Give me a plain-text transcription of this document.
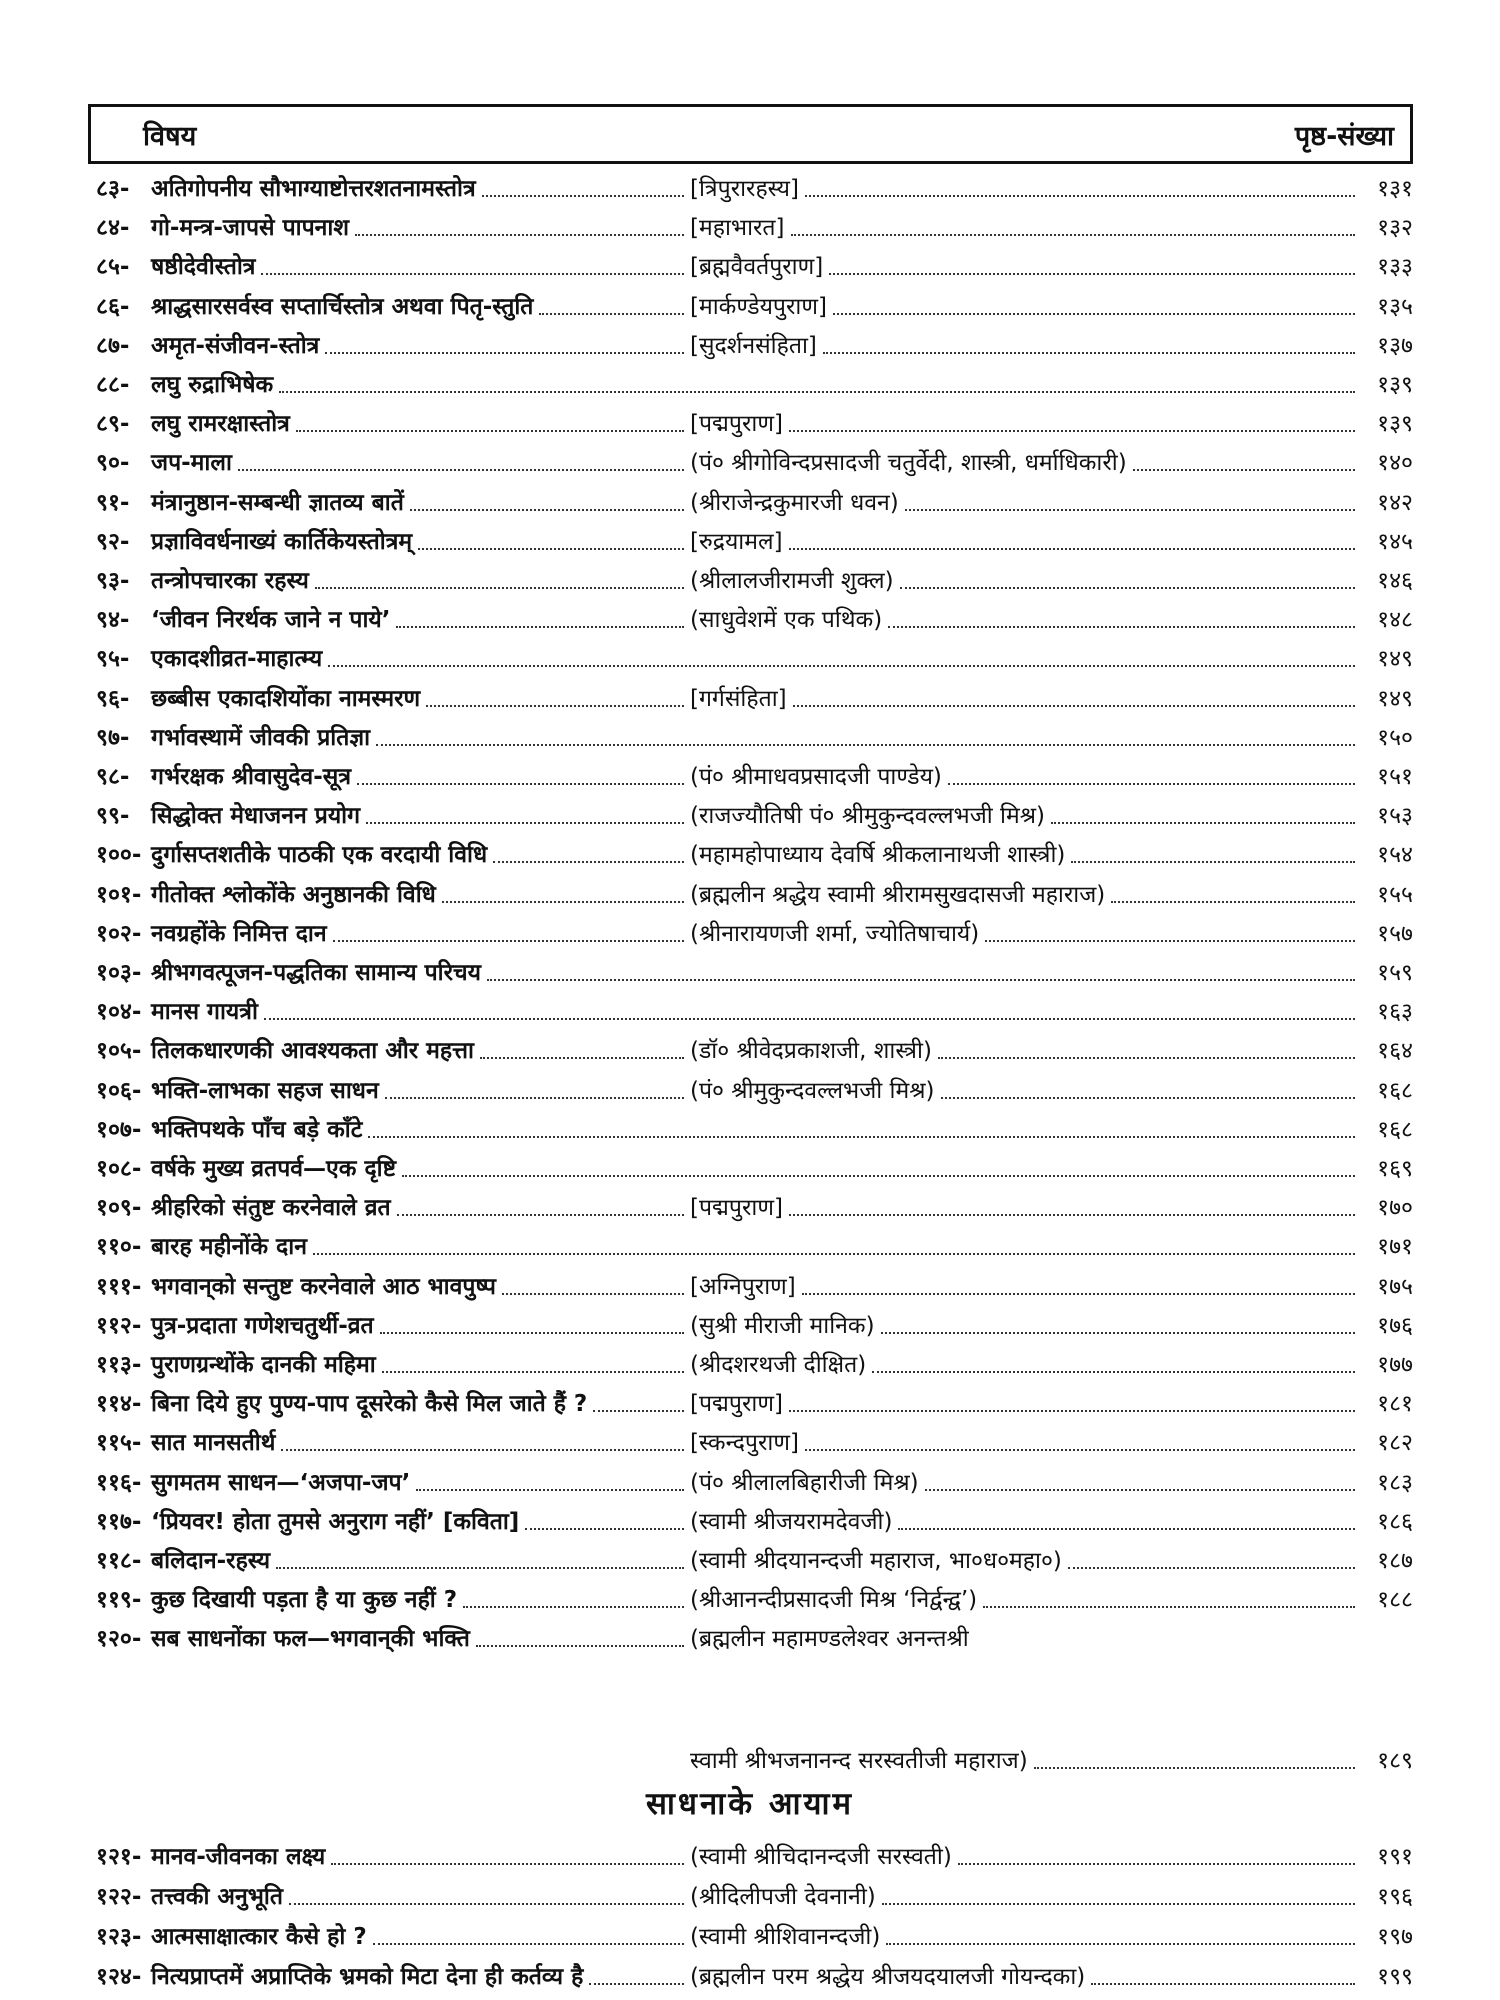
विषय	पृष्ठ-संख्या
८३- अतिगोपनीय सौभाग्याष्टोत्तरशतनामस्तोत्र	[त्रिपुरारहस्य]	१३१
८४- गो-मन्त्र-जापसे पापनाश	[महाभारत]	१३२
८५- षष्ठीदेवीस्तोत्र	[ब्रह्मवैवर्तपुराण]	१३३
८६- श्राद्धसारसर्वस्व सप्तार्चिस्तोत्र अथवा पितृ-स्तुति	[मार्कण्डेयपुराण]	१३५
८७- अमृत-संजीवन-स्तोत्र	[सुदर्शनसंहिता]	१३७
८८- लघु रुद्राभिषेक	१३९
८९- लघु रामरक्षास्तोत्र	[पद्मपुराण]	१३९
९०- जप-माला	(पं० श्रीगोविन्दप्रसादजी चतुर्वेदी, शास्त्री, धर्माधिकारी)	१४०
९१- मंत्रानुष्ठान-सम्बन्धी ज्ञातव्य बातें	(श्रीराजेन्द्रकुमारजी धवन)	१४२
९२- प्रज्ञाविवर्धनाख्यं कार्तिकेयस्तोत्रम्	[रुद्रयामल]	१४५
९३- तन्त्रोपचारका रहस्य	(श्रीलालजीरामजी शुक्ल)	१४६
९४- ‘जीवन निरर्थक जाने न पाये’	(साधुवेशमें एक पथिक)	१४८
९५- एकादशीव्रत-माहात्म्य	१४९
९६- छब्बीस एकादशियोंका नामस्मरण	[गर्गसंहिता]	१४९
९७- गर्भावस्थामें जीवकी प्रतिज्ञा	१५०
९८- गर्भरक्षक श्रीवासुदेव-सूत्र	(पं० श्रीमाधवप्रसादजी पाण्डेय)	१५१
९९- सिद्धोक्त मेधाजनन प्रयोग	(राजज्यौतिषी पं० श्रीमुकुन्दवल्लभजी मिश्र)	१५३
१००- दुर्गासप्तशतीके पाठकी एक वरदायी विधि	(महामहोपाध्याय देवर्षि श्रीकलानाथजी शास्त्री)	१५४
१०१- गीतोक्त श्लोकोंके अनुष्ठानकी विधि	(ब्रह्मलीन श्रद्धेय स्वामी श्रीरामसुखदासजी महाराज)	१५५
१०२- नवग्रहोंके निमित्त दान	(श्रीनारायणजी शर्मा, ज्योतिषाचार्य)	१५७
१०३- श्रीभगवत्पूजन-पद्धतिका सामान्य परिचय	१५९
१०४- मानस गायत्री	१६३
१०५- तिलकधारणकी आवश्यकता और महत्ता	(डॉ० श्रीवेदप्रकाशजी, शास्त्री)	१६४
१०६- भक्ति-लाभका सहज साधन	(पं० श्रीमुकुन्दवल्लभजी मिश्र)	१६८
१०७- भक्तिपथके पाँच बड़े काँटे	१६८
१०८- वर्षके मुख्य व्रतपर्व—एक दृष्टि	१६९
१०९- श्रीहरिको संतुष्ट करनेवाले व्रत	[पद्मपुराण]	१७०
११०- बारह महीनोंके दान	१७१
१११- भगवान्‌को सन्तुष्ट करनेवाले आठ भावपुष्प	[अग्निपुराण]	१७५
११२- पुत्र-प्रदाता गणेशचतुर्थी-व्रत	(सुश्री मीराजी मानिक)	१७६
११३- पुराणग्रन्थोंके दानकी महिमा	(श्रीदशरथजी दीक्षित)	१७७
११४- बिना दिये हुए पुण्य-पाप दूसरेको कैसे मिल जाते हैं ?	[पद्मपुराण]	१८१
११५- सात मानसतीर्थ	[स्कन्दपुराण]	१८२
११६- सुगमतम साधन—‘अजपा-जप’	(पं० श्रीलालबिहारीजी मिश्र)	१८३
११७- ‘प्रियवर! होता तुमसे अनुराग नहीं’ [कविता]	(स्वामी श्रीजयरामदेवजी)	१८६
११८- बलिदान-रहस्य	(स्वामी श्रीदयानन्दजी महाराज, भा०ध०महा०)	१८७
११९- कुछ दिखायी पड़ता है या कुछ नहीं ?	(श्रीआनन्दीप्रसादजी मिश्र ‘निर्द्वन्द्व’)	१८८
१२०- सब साधनोंका फल—भगवान्‌की भक्ति	(ब्रह्मलीन महामण्डलेश्वर अनन्तश्री
स्वामी श्रीभजनानन्द सरस्वतीजी महाराज)	१८९
साधनाके आयाम
१२१- मानव-जीवनका लक्ष्य	(स्वामी श्रीचिदानन्दजी सरस्वती)	१९१
१२२- तत्त्वकी अनुभूति	(श्रीदिलीपजी देवनानी)	१९६
१२३- आत्मसाक्षात्कार कैसे हो ?	(स्वामी श्रीशिवानन्दजी)	१९७
१२४- नित्यप्राप्तमें अप्राप्तिके भ्रमको मिटा देना ही कर्तव्य है	(ब्रह्मलीन परम श्रद्धेय श्रीजयदयालजी गोयन्दका)	१९९
